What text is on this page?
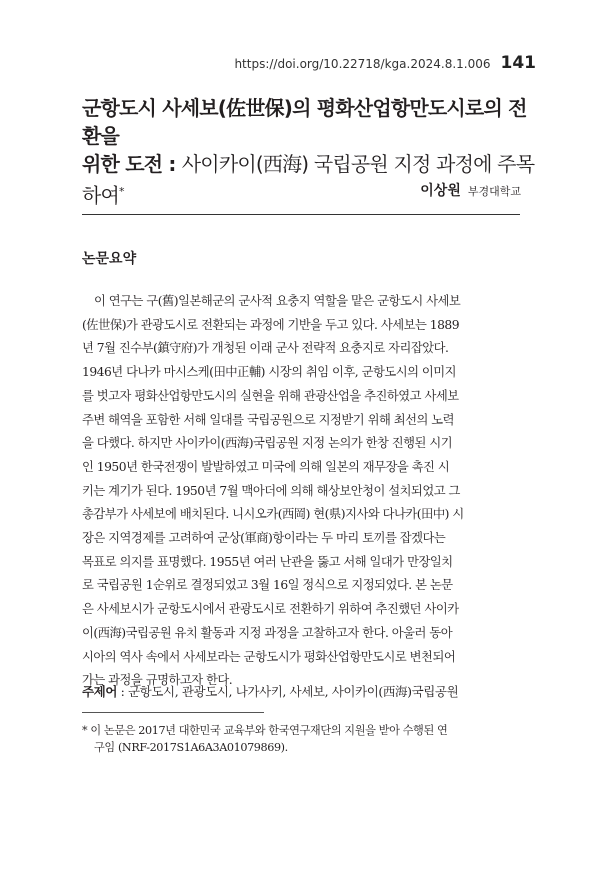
https://doi.org/10.22718/kga.2024.8.1.006 141
군항도시 사세보(佐世保)의 평화산업항만도시로의 전환을
위한 도전 : 사이카이(西海) 국립공원 지정 과정에 주목하여*	이상원 부경대학교
논문요약
이 연구는 구(舊)일본해군의 군사적 요충지 역할을 맡은 군항도시 사세보
(佐世保)가 관광도시로 전환되는 과정에 기반을 두고 있다. 사세보는 1889
년 7월 진수부(鎮守府)가 개청된 이래 군사 전략적 요충지로 자리잡았다.
1946년 다나카 마시스케(田中正輔) 시장의 취임 이후, 군항도시의 이미지
를 벗고자 평화산업항만도시의 실현을 위해 관광산업을 추진하였고 사세보
주변 해역을 포함한 서해 일대를 국립공원으로 지정받기 위해 최선의 노력
을 다했다. 하지만 사이카이(西海)국립공원 지정 논의가 한창 진행된 시기
인 1950년 한국전쟁이 발발하였고 미국에 의해 일본의 재무장을 촉진 시
키는 계기가 된다. 1950년 7월 맥아더에 의해 해상보안청이 설치되었고 그
총감부가 사세보에 배치된다. 니시오카(西岡) 현(県)지사와 다나카(田中) 시
장은 지역경제를 고려하여 군상(軍商)항이라는 두 마리 토끼를 잡겠다는
목표로 의지를 표명했다. 1955년 여러 난관을 뚫고 서해 일대가 만장일치
로 국립공원 1순위로 결정되었고 3월 16일 정식으로 지정되었다. 본 논문
은 사세보시가 군항도시에서 관광도시로 전환하기 위하여 추진했던 사이카
이(西海)국립공원 유치 활동과 지정 과정을 고찰하고자 한다. 아울러 동아
시아의 역사 속에서 사세보라는 군항도시가 평화산업항만도시로 변천되어
가는 과정을 규명하고자 한다.
주제어 : 군항도시, 관광도시, 나가사키, 사세보, 사이카이(西海)국립공원
* 이 논문은 2017년 대한민국 교육부와 한국연구재단의 지원을 받아 수행된 연
구임 (NRF-2017S1A6A3A01079869).
